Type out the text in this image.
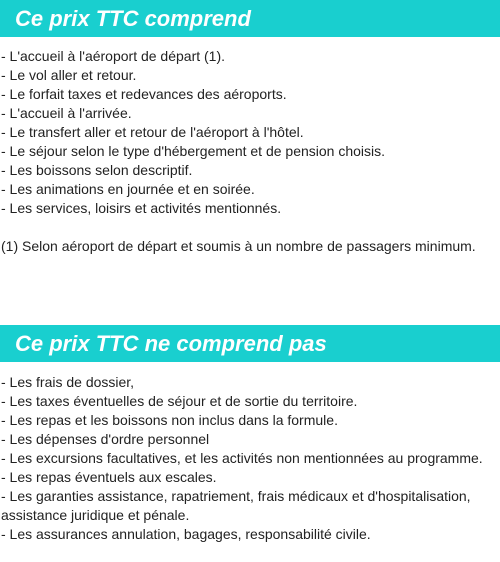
Ce prix TTC comprend
- L'accueil à l'aéroport de départ (1).
- Le vol aller et retour.
- Le forfait taxes et redevances des aéroports.
- L'accueil à l'arrivée.
- Le transfert aller et retour de l'aéroport à l'hôtel.
- Le séjour selon le type d'hébergement et de pension choisis.
- Les boissons selon descriptif.
- Les animations en journée et en soirée.
- Les services, loisirs et activités mentionnés.
(1) Selon aéroport de départ et soumis à un nombre de passagers minimum.
Ce prix TTC ne comprend pas
- Les frais de dossier,
- Les taxes éventuelles de séjour et de sortie du territoire.
- Les repas et les boissons non inclus dans la formule.
- Les dépenses d'ordre personnel
- Les excursions facultatives, et les activités non mentionnées au programme.
- Les repas éventuels aux escales.
- Les garanties assistance, rapatriement, frais médicaux et d'hospitalisation, assistance juridique et pénale.
- Les assurances annulation, bagages, responsabilité civile.
